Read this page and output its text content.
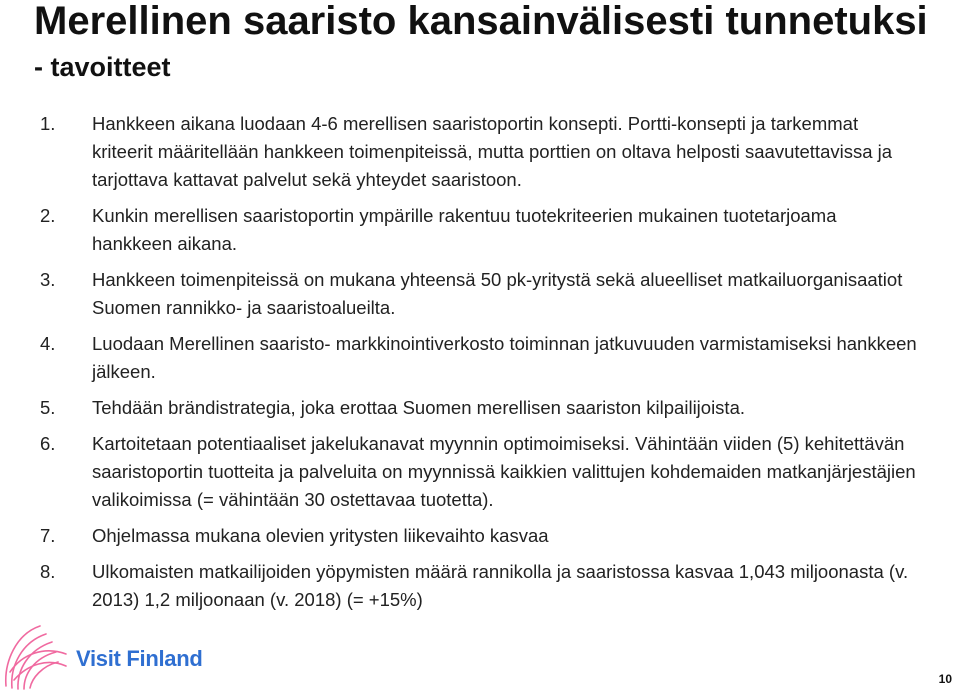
Merellinen saaristo kansainvälisesti tunnetuksi - tavoitteet
1.	Hankkeen aikana luodaan 4-6 merellisen saaristoportin konsepti. Portti-konsepti ja tarkemmat kriteerit määritellään hankkeen toimenpiteissä, mutta porttien on oltava helposti saavutettavissa ja tarjottava kattavat palvelut sekä yhteydet saaristoon.
2.	Kunkin merellisen saaristoportin ympärille rakentuu tuotekriteerien mukainen tuotetarjoama hankkeen aikana.
3.	Hankkeen toimenpiteissä on mukana yhteensä 50 pk-yritystä sekä alueelliset matkailuorganisaatiot Suomen rannikko- ja saaristoalueilta.
4.	Luodaan Merellinen saaristo- markkinointiverkosto toiminnan jatkuvuuden varmistamiseksi hankkeen jälkeen.
5.	Tehdään brändistrategia, joka erottaa Suomen merellisen saariston kilpailijoista.
6.	Kartoitetaan potentiaaliset jakelukanavat myynnin optimoimiseksi. Vähintään viiden (5) kehitettävän saaristoportin tuotteita ja palveluita on myynnissä kaikkien valittujen kohdemaiden matkanjärjestäjien valikoimissa (= vähintään 30 ostettavaa tuotetta).
7.	Ohjelmassa mukana olevien yritysten liikevaihto kasvaa
8.	Ulkomaisten matkailijoiden yöpymisten määrä rannikolla ja saaristossa kasvaa 1,043 miljoonasta (v. 2013) 1,2 miljoonaan (v. 2018) (= +15%)
Visit Finland
10
